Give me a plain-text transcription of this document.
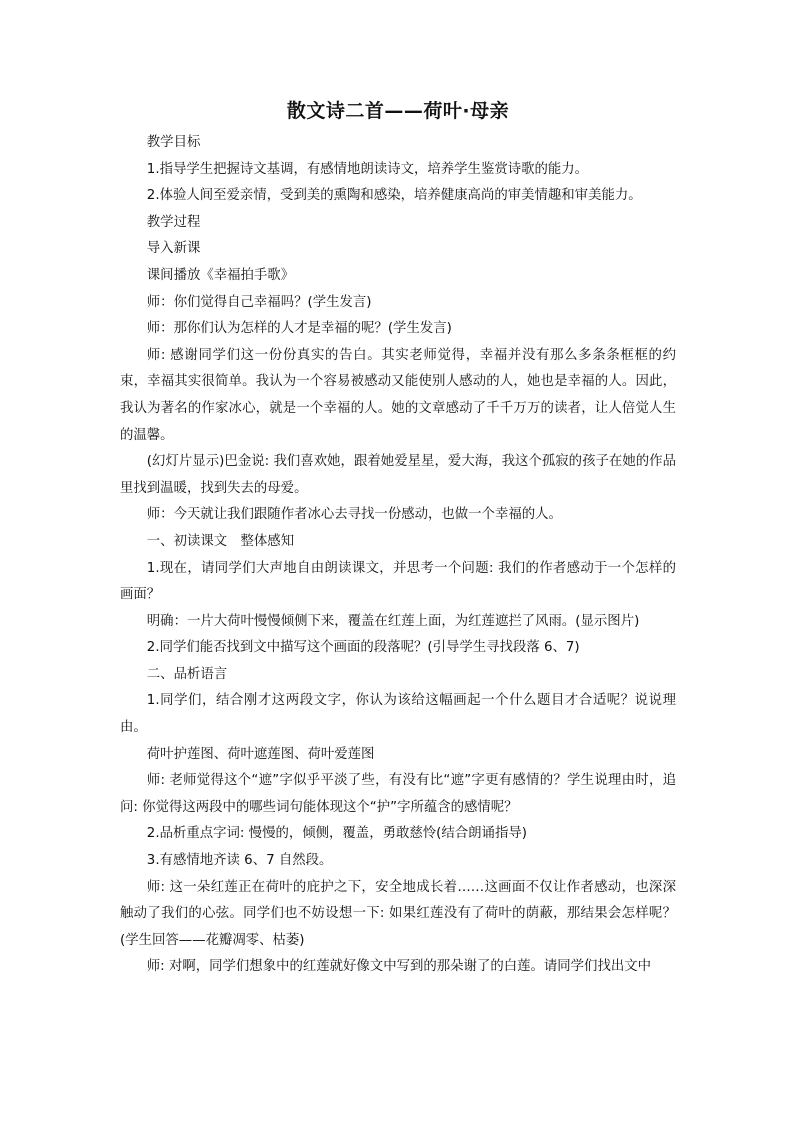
散文诗二首——荷叶·母亲

教学目标

1.指导学生把握诗文基调，有感情地朗读诗文，培养学生鉴赏诗歌的能力。

2.体验人间至爱亲情，受到美的熏陶和感染，培养健康高尚的审美情趣和审美能力。

教学过程

导入新课

课间播放《幸福拍手歌》

师：你们觉得自己幸福吗？(学生发言)

师：那你们认为怎样的人才是幸福的呢？(学生发言)

师: 感谢同学们这一份份真实的告白。其实老师觉得，幸福并没有那么多条条框框的约束，幸福其实很简单。我认为一个容易被感动又能使别人感动的人，她也是幸福的人。因此，我认为著名的作家冰心，就是一个幸福的人。她的文章感动了千千万万的读者，让人倍觉人生的温馨。

(幻灯片显示)巴金说: 我们喜欢她，跟着她爱星星，爱大海，我这个孤寂的孩子在她的作品里找到温暖，找到失去的母爱。

师：今天就让我们跟随作者冰心去寻找一份感动，也做一个幸福的人。

一、初读课文　整体感知

1.现在，请同学们大声地自由朗读课文，并思考一个问题: 我们的作者感动于一个怎样的画面？

明确：一片大荷叶慢慢倾侧下来，覆盖在红莲上面，为红莲遮拦了风雨。(显示图片)

2.同学们能否找到文中描写这个画面的段落呢？(引导学生寻找段落 6、7)

二、品析语言

1.同学们，结合刚才这两段文字，你认为该给这幅画起一个什么题目才合适呢？说说理由。

荷叶护莲图、荷叶遮莲图、荷叶爱莲图

师: 老师觉得这个“遮”字似乎平淡了些，有没有比“遮”字更有感情的？学生说理由时，追问: 你觉得这两段中的哪些词句能体现这个“护”字所蕴含的感情呢？

2.品析重点字词: 慢慢的，倾侧，覆盖，勇敢慈怜(结合朗诵指导)

3.有感情地齐读 6、7 自然段。

师: 这一朵红莲正在荷叶的庇护之下，安全地成长着……这画面不仅让作者感动，也深深触动了我们的心弦。同学们也不妨设想一下: 如果红莲没有了荷叶的荫蔽，那结果会怎样呢？(学生回答——花瓣凋零、枯萎)

师: 对啊，同学们想象中的红莲就好像文中写到的那朵谢了的白莲。请同学们找出文中
